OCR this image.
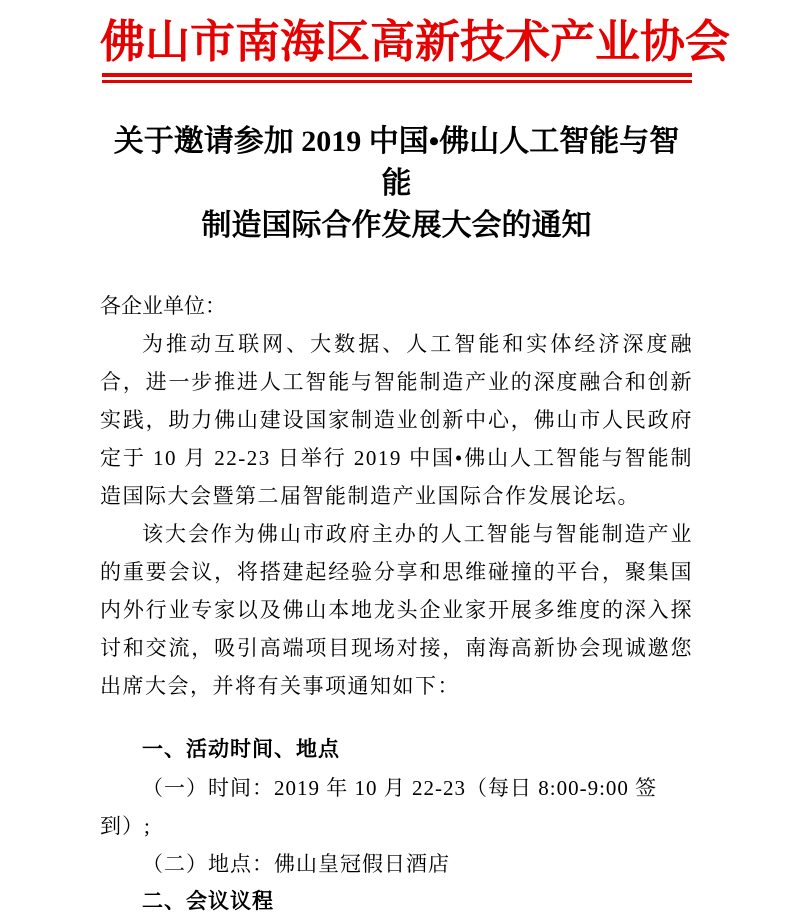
佛山市南海区高新技术产业协会
关于邀请参加 2019 中国•佛山人工智能与智能
制造国际合作发展大会的通知

各企业单位：

为推动互联网、大数据、人工智能和实体经济深度融合，进一步推进人工智能与智能制造产业的深度融合和创新实践，助力佛山建设国家制造业创新中心，佛山市人民政府定于 10 月 22-23 日举行 2019 中国•佛山人工智能与智能制造国际大会暨第二届智能制造产业国际合作发展论坛。

该大会作为佛山市政府主办的人工智能与智能制造产业的重要会议，将搭建起经验分享和思维碰撞的平台，聚集国内外行业专家以及佛山本地龙头企业家开展多维度的深入探讨和交流，吸引高端项目现场对接，南海高新协会现诚邀您出席大会，并将有关事项通知如下：

一、活动时间、地点

（一）时间：2019 年 10 月 22-23（每日 8:00-9:00 签到）;

（二）地点：佛山皇冠假日酒店

二、会议议程
